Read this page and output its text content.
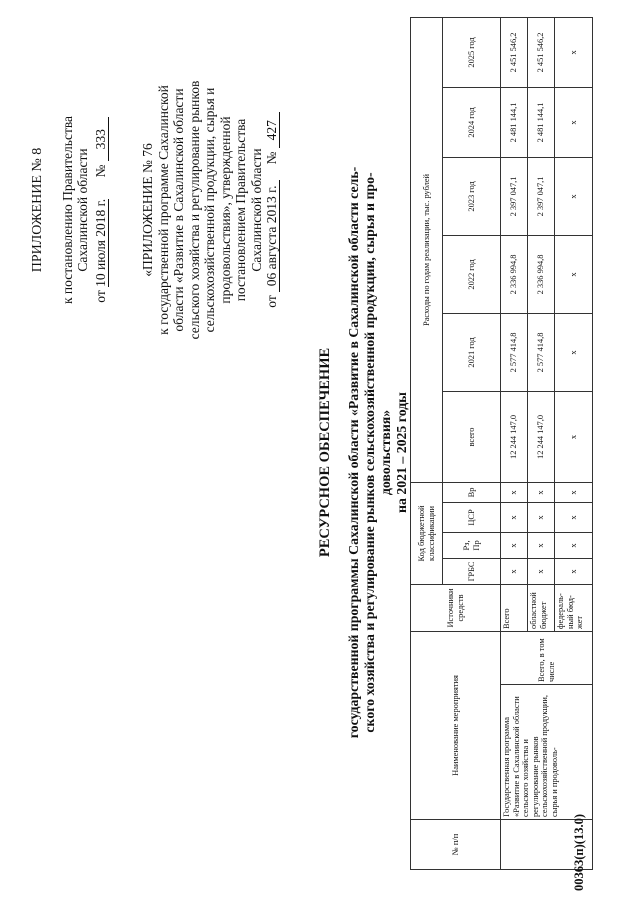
ПРИЛОЖЕНИЕ № 8 к постановлению Правительства Сахалинской области
от 10 июля 2018 г. № 333
«ПРИЛОЖЕНИЕ № 76 к государственной программе Сахалинской области «Развитие в Сахалинской области сельского хозяйства и регулирование рынков сельскохозяйственной продукции, сырья и продовольствия», утвержденной постановлением Правительства Сахалинской области
от 06 августа 2013 г. № 427
РЕСУРСНОЕ ОБЕСПЕЧЕНИЕ государственной программы Сахалинской области «Развитие в Сахалинской области сель- ского хозяйства и регулирование рынков сельскохозяйственной продукции, сырья и про- довольствия» на 2021 – 2025 годы
№ п/п	Наименование мероприятия		Источники средств	Код бюджетной классификации				Расходы по годам реализации, тыс. рублей					
				ГРБС	Рз, Пр	ЦСР	Вр	всего	2021 год	2022 год	2023 год	2024 год	2025 год
	Государственная программа «Развитие в Сахалинской области сельского хозяйства и регулирование рынков сельскохозяйственной продукции, сырья и продоволь-	Всего, в том числе	Всего	х	х	х	х	12 244 147,0	2 577 414,8	2 336 994,8	2 397 047,1	2 481 144,1	2 451 546,2
			областной бюджет	х	х	х	х	12 244 147,0	2 577 414,8	2 336 994,8	2 397 047,1	2 481 144,1	2 451 546,2
			федераль-ный бюд-жет	х	х	х	х	х	х	х	х	х	х
00363(п)(13.0)
